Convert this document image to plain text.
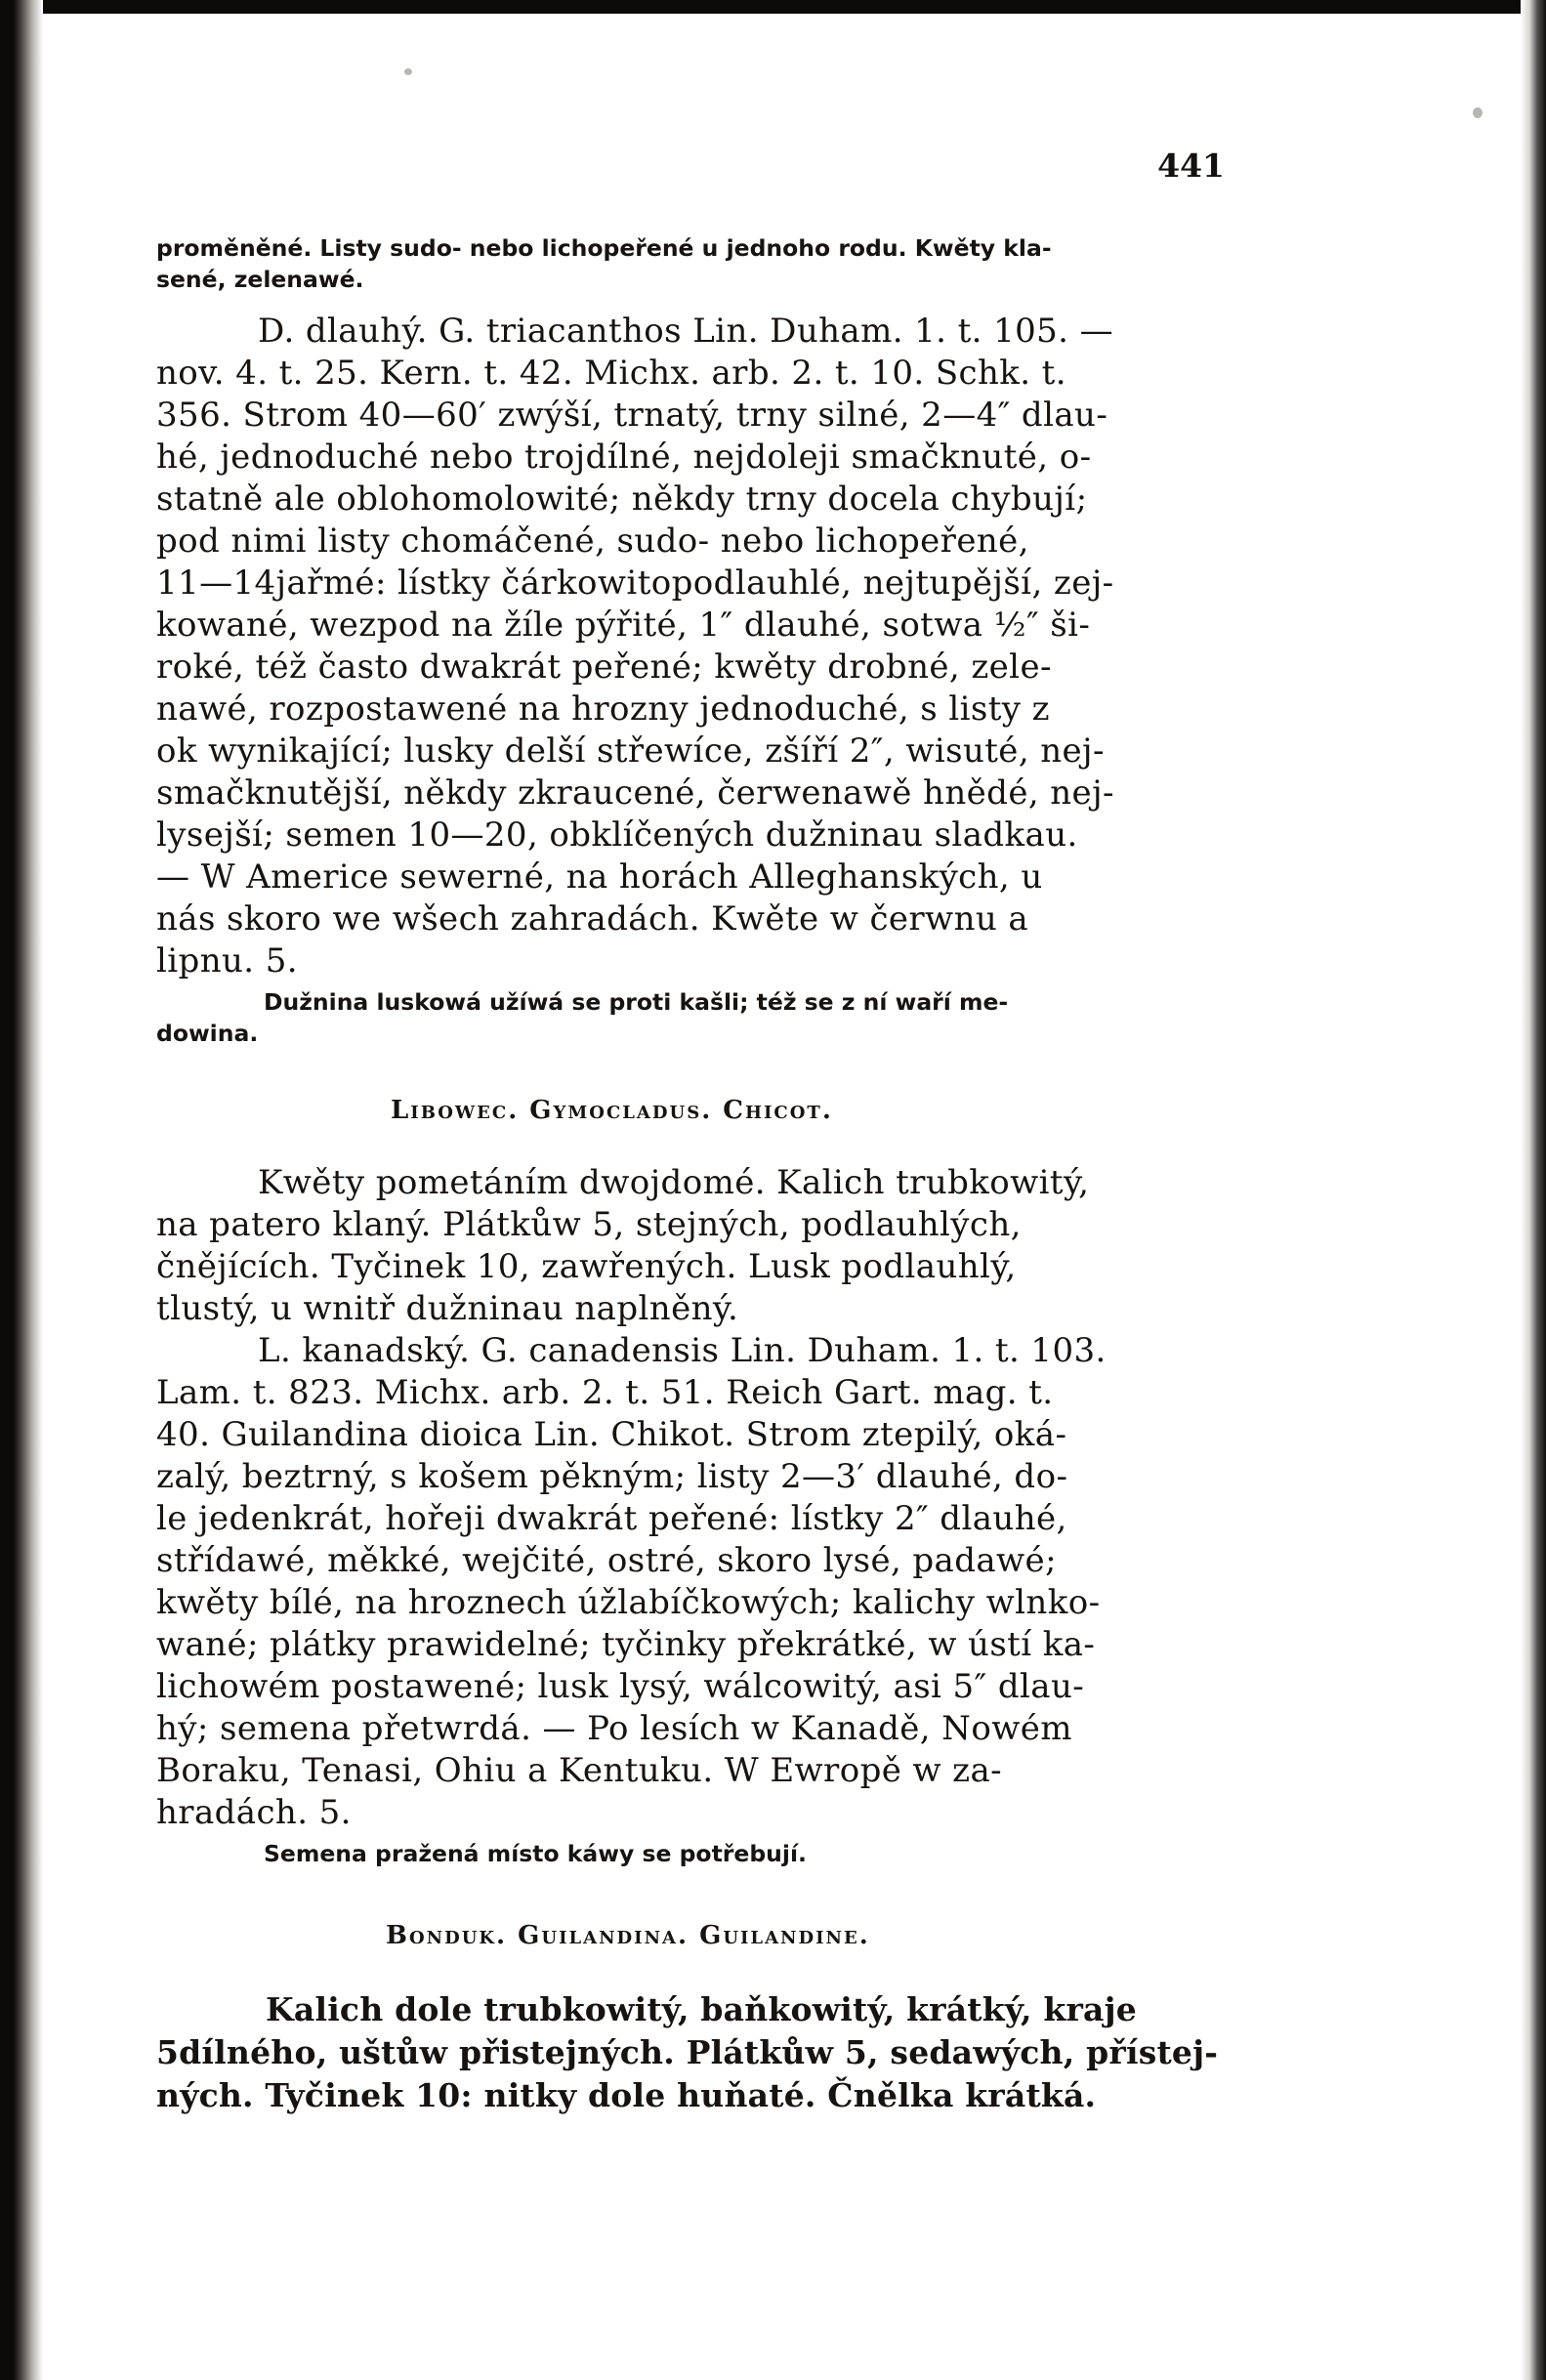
441
proměněné. Listy sudo- nebo lichopeřené u jednoho rodu. Kwěty kla-
sené, zelenawé.
D. dlauhý. G. triacanthos Lin. Duham. 1. t. 105. —
nov. 4. t. 25. Kern. t. 42. Michx. arb. 2. t. 10. Schk. t.
356. Strom 40—60′ zwýší, trnatý, trny silné, 2—4″ dlau-
hé, jednoduché nebo trojdílné, nejdoleji smačknuté, o-
statně ale oblohomolowité; někdy trny docela chybují;
pod nimi listy chomáčené, sudo- nebo lichopeřené,
11—14jařmé: lístky čárkowitopodlauhlé, nejtupější, zej-
kowané, wezpod na žíle pýřité, 1″ dlauhé, sotwa ½″ ši-
roké, též často dwakrát peřené; kwěty drobné, zele-
nawé, rozpostawené na hrozny jednoduché, s listy z
ok wynikající; lusky delší střewíce, zšíří 2″, wisuté, nej-
smačknutější, někdy zkraucené, čerwenawě hnědé, nej-
lysejší; semen 10—20, obklíčených dužninau sladkau.
— W Americe sewerné, na horách Alleghanských, u
nás skoro we wšech zahradách. Kwěte w čerwnu a
lipnu. 5.
Dužnina luskowá užíwá se proti kašli; též se z ní waří me-
dowina.
Libowec. Gymocladus. Chicot.
Kwěty pometáním dwojdomé. Kalich trubkowitý,
na patero klaný. Plátkůw 5, stejných, podlauhlých,
čnějících. Tyčinek 10, zawřených. Lusk podlauhlý,
tlustý, u wnitř dužninau naplněný.
L. kanadský. G. canadensis Lin. Duham. 1. t. 103.
Lam. t. 823. Michx. arb. 2. t. 51. Reich Gart. mag. t.
40. Guilandina dioica Lin. Chikot. Strom ztepilý, oká-
zalý, beztrný, s košem pěkným; listy 2—3′ dlauhé, do-
le jedenkrát, hořeji dwakrát peřené: lístky 2″ dlauhé,
střídawé, měkké, wejčité, ostré, skoro lysé, padawé;
kwěty bílé, na hroznech úžlabíčkowých; kalichy wlnko-
wané; plátky prawidelné; tyčinky překrátké, w ústí ka-
lichowém postawené; lusk lysý, wálcowitý, asi 5″ dlau-
hý; semena přetwrdá. — Po lesích w Kanadě, Nowém
Boraku, Tenasi, Ohiu a Kentuku. W Ewropě w za-
hradách. 5.
Semena pražená místo káwy se potřebují.
Bonduk. Guilandina. Guilandine.
Kalich dole trubkowitý, baňkowitý, krátký, kraje
5dílného, uštůw přistejných. Plátkůw 5, sedawých, přístej-
ných. Tyčinek 10: nitky dole huňaté. Čnělka krátká.
